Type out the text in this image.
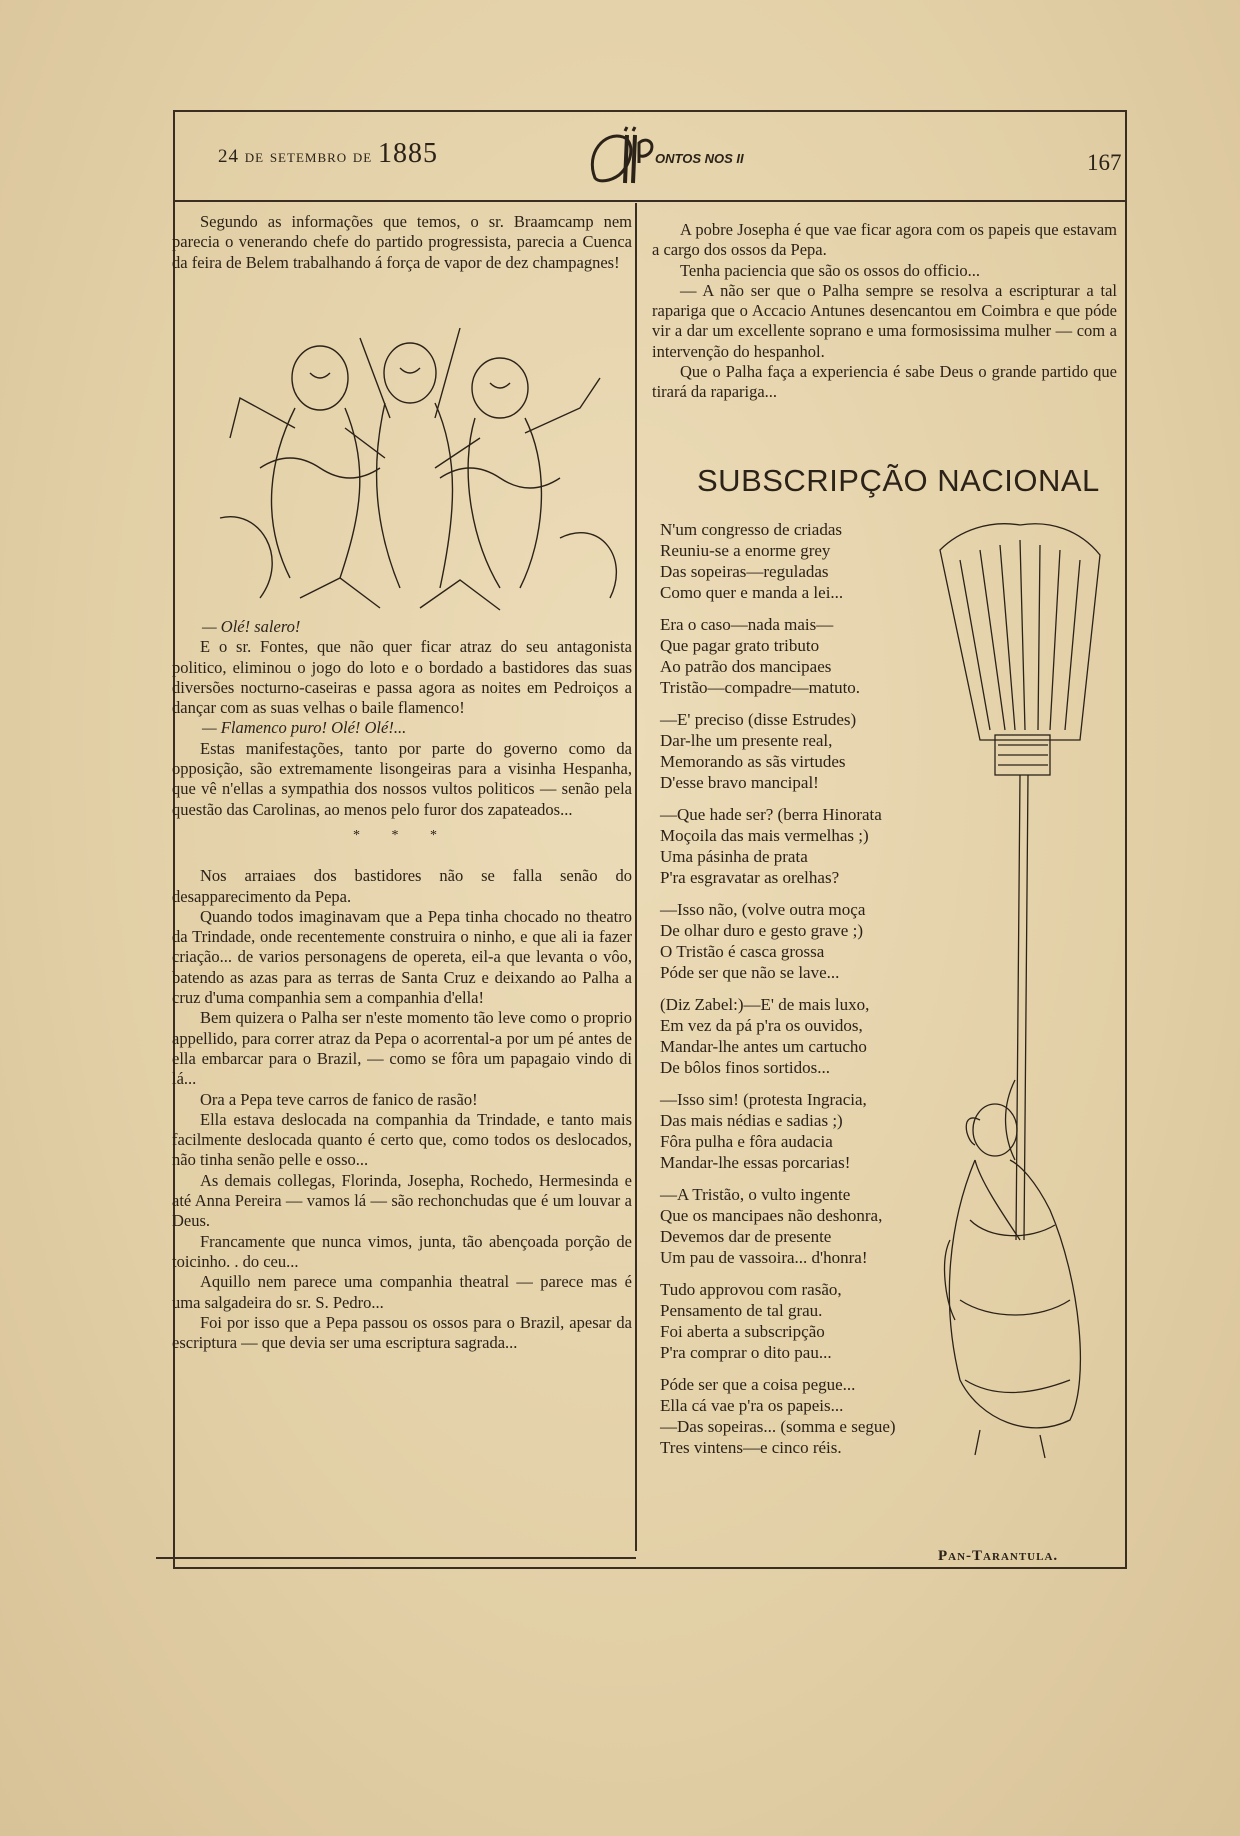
24 de setembro de 1885	ONTOS NOS II	167

Segundo as informações que temos, o sr. Braamcamp nem parecia o venerando chefe do partido progressista, parecia a Cuenca da feira de Belem trabalhando á força de vapor de dez champagnes!

— Olé! salero!

E o sr. Fontes, que não quer ficar atraz do seu antagonista politico, eliminou o jogo do loto e o bordado a bastidores das suas diversões nocturno-caseiras e passa agora as noites em Pedroiços a dançar com as suas velhas o baile flamenco!

— Flamenco puro! Olé! Olé!...

Estas manifestações, tanto por parte do governo como da opposição, são extremamente lisongeiras para a visinha Hespanha, que vê n'ellas a sympathia dos nossos vultos politicos — senão pela questão das Carolinas, ao menos pelo furor dos zapateados...

* * *

Nos arraiaes dos bastidores não se falla senão do desapparecimento da Pepa.

Quando todos imaginavam que a Pepa tinha chocado no theatro da Trindade, onde recentemente construira o ninho, e que ali ia fazer criação... de varios personagens de opereta, eil-a que levanta o vôo, batendo as azas para as terras de Santa Cruz e deixando ao Palha a cruz d'uma companhia sem a companhia d'ella!

Bem quizera o Palha ser n'este momento tão leve como o proprio appellido, para correr atraz da Pepa o acorrental-a por um pé antes de ella embarcar para o Brazil, — como se fôra um papagaio vindo di lá...

Ora a Pepa teve carros de fanico de rasão!

Ella estava deslocada na companhia da Trindade, e tanto mais facilmente deslocada quanto é certo que, como todos os deslocados, não tinha senão pelle e osso...

As demais collegas, Florinda, Josepha, Rochedo, Hermesinda e até Anna Pereira — vamos lá — são rechonchudas que é um louvar a Deus.

Francamente que nunca vimos, junta, tão abençoada porção de toicinho. . do ceu...

Aquillo nem parece uma companhia theatral — parece mas é uma salgadeira do sr. S. Pedro...

Foi por isso que a Pepa passou os ossos para o Brazil, apesar da escriptura — que devia ser uma escriptura sagrada...

A pobre Josepha é que vae ficar agora com os papeis que estavam a cargo dos ossos da Pepa.

Tenha paciencia que são os ossos do officio...

— A não ser que o Palha sempre se resolva a escripturar a tal rapariga que o Accacio Antunes desencantou em Coimbra e que póde vir a dar um excellente soprano e uma formosissima mulher — com a intervenção do hespanhol.

Que o Palha faça a experiencia é sabe Deus o grande partido que tirará da rapariga...

SUBSCRIPÇÃO NACIONAL
N'um congresso de criadas
Reuniu-se a enorme grey
Das sopeiras—reguladas
Como quer e manda a lei...
Era o caso—nada mais—
Que pagar grato tributo
Ao patrão dos mancipaes
Tristão—compadre—matuto.
—E' preciso (disse Estrudes)
Dar-lhe um presente real,
Memorando as sãs virtudes
D'esse bravo mancipal!
—Que hade ser? (berra Hinorata
Moçoila das mais vermelhas ;)
Uma pásinha de prata
P'ra esgravatar as orelhas?
—Isso não, (volve outra moça
De olhar duro e gesto grave ;)
O Tristão é casca grossa
Póde ser que não se lave...
(Diz Zabel:)—E' de mais luxo,
Em vez da pá p'ra os ouvidos,
Mandar-lhe antes um cartucho
De bôlos finos sortidos...
—Isso sim! (protesta Ingracia,
Das mais nédias e sadias ;)
Fôra pulha e fôra audacia
Mandar-lhe essas porcarias!
—A Tristão, o vulto ingente
Que os mancipaes não deshonra,
Devemos dar de presente
Um pau de vassoira... d'honra!
Tudo approvou com rasão,
Pensamento de tal grau.
Foi aberta a subscripção
P'ra comprar o dito pau...
Póde ser que a coisa pegue...
Ella cá vae p'ra os papeis...
—Das sopeiras... (somma e segue)
Tres vintens—e cinco réis.
Pan-Tarantula.
